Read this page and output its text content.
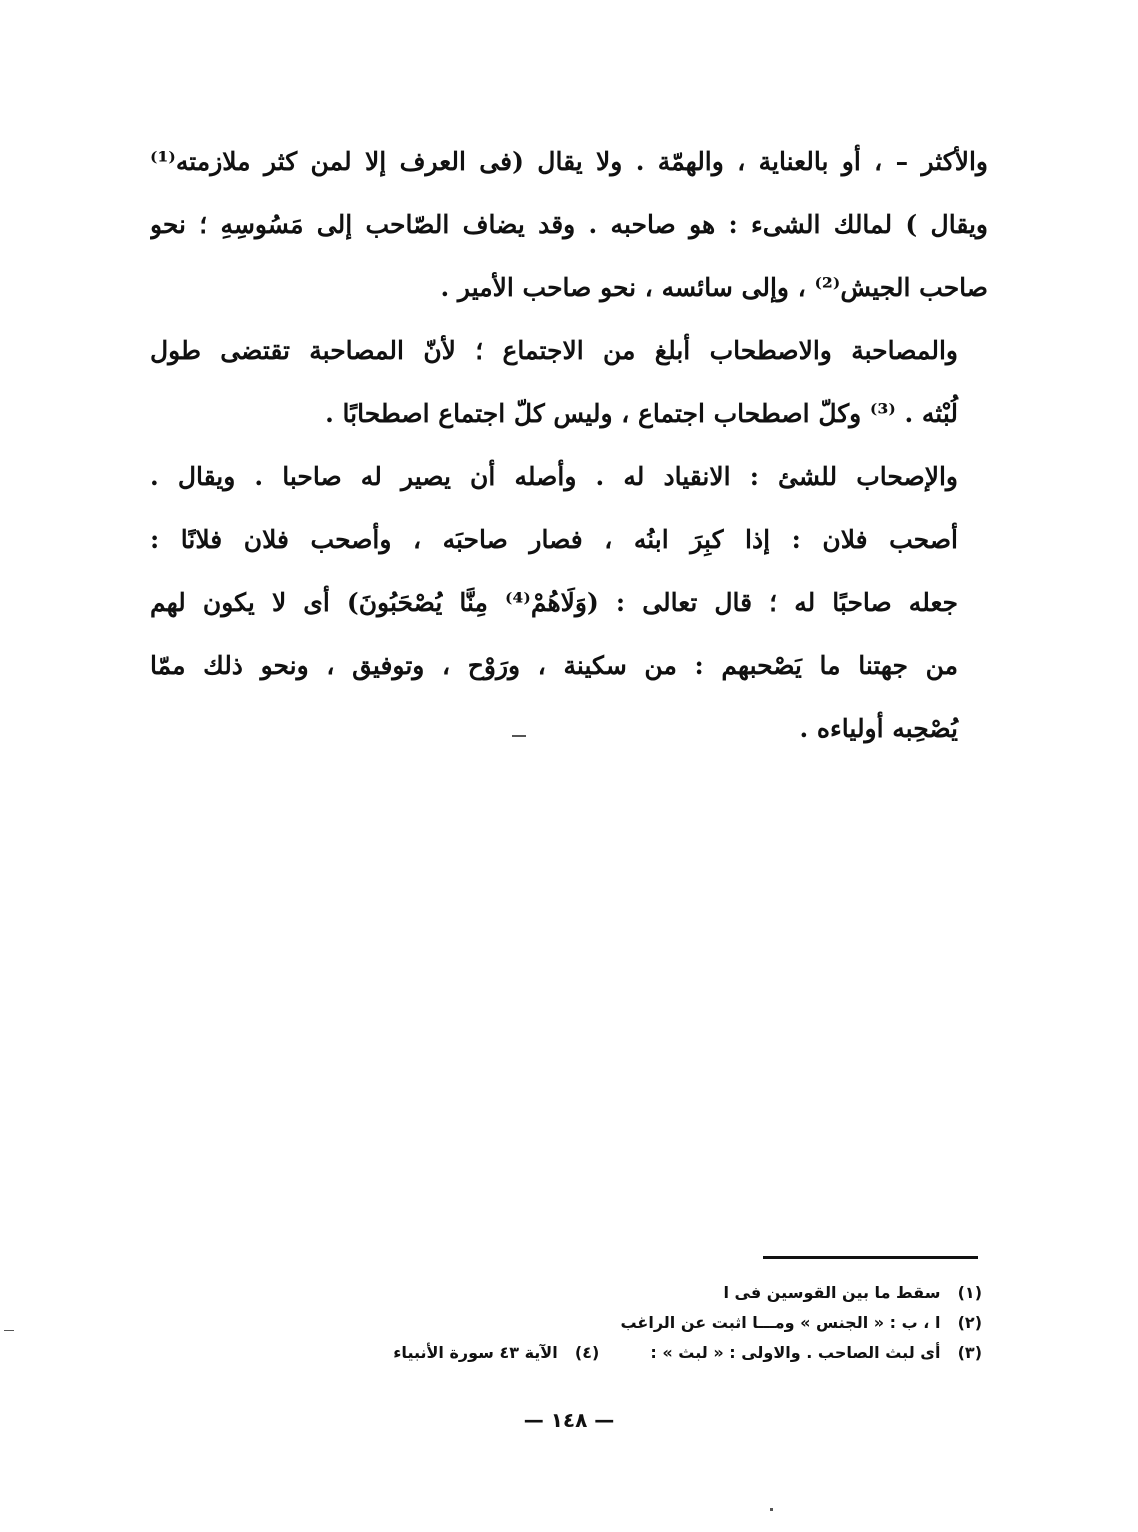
والأكثر – ، أو بالعناية ، والهمّة . ولا يقال (فى العرف إلا لمن كثر ملازمته⁽¹⁾
ويقال ) لمالك الشىء : هو صاحبه . وقد يضاف الصّاحب إلى مَسُوسِهِ ؛ نحو
صاحب الجيش⁽²⁾ ، وإلى سائسه ، نحو صاحب الأمير .

والمصاحبة والاصطحاب أبلغ من الاجتماع ؛ لأنّ المصاحبة تقتضى طول
لُبْثه . ⁽³⁾ وكلّ اصطحاب اجتماع ، وليس كلّ اجتماع اصطحابًا .

والإصحاب للشئ : الانقياد له . وأصله أن يصير له صاحبا . ويقال .
أصحب فلان : إذا كبِرَ ابنُه ، فصار صاحبَه ، وأصحب فلان فلانًا :
جعله صاحبًا له ؛ قال تعالى : (وَلَاهُمْ⁽⁴⁾ مِنَّا يُصْحَبُونَ) أى لا يكون لهم
من جهتنا ما يَصْحبهم : من سكينة ، ورَوْح ، وتوفيق ، ونحو ذلك ممّا
يُصْحِبه أولياءه .

(١) سقط ما بين القوسين فى ا
(٢) ا ، ب : « الجنس » ومـــا اثبت عن الراغب
(٣) أى لبث الصاحب . والاولى : « لبث » :  (٤) الآية ٤٣ سورة الأنبياء
— ١٤٨ —
